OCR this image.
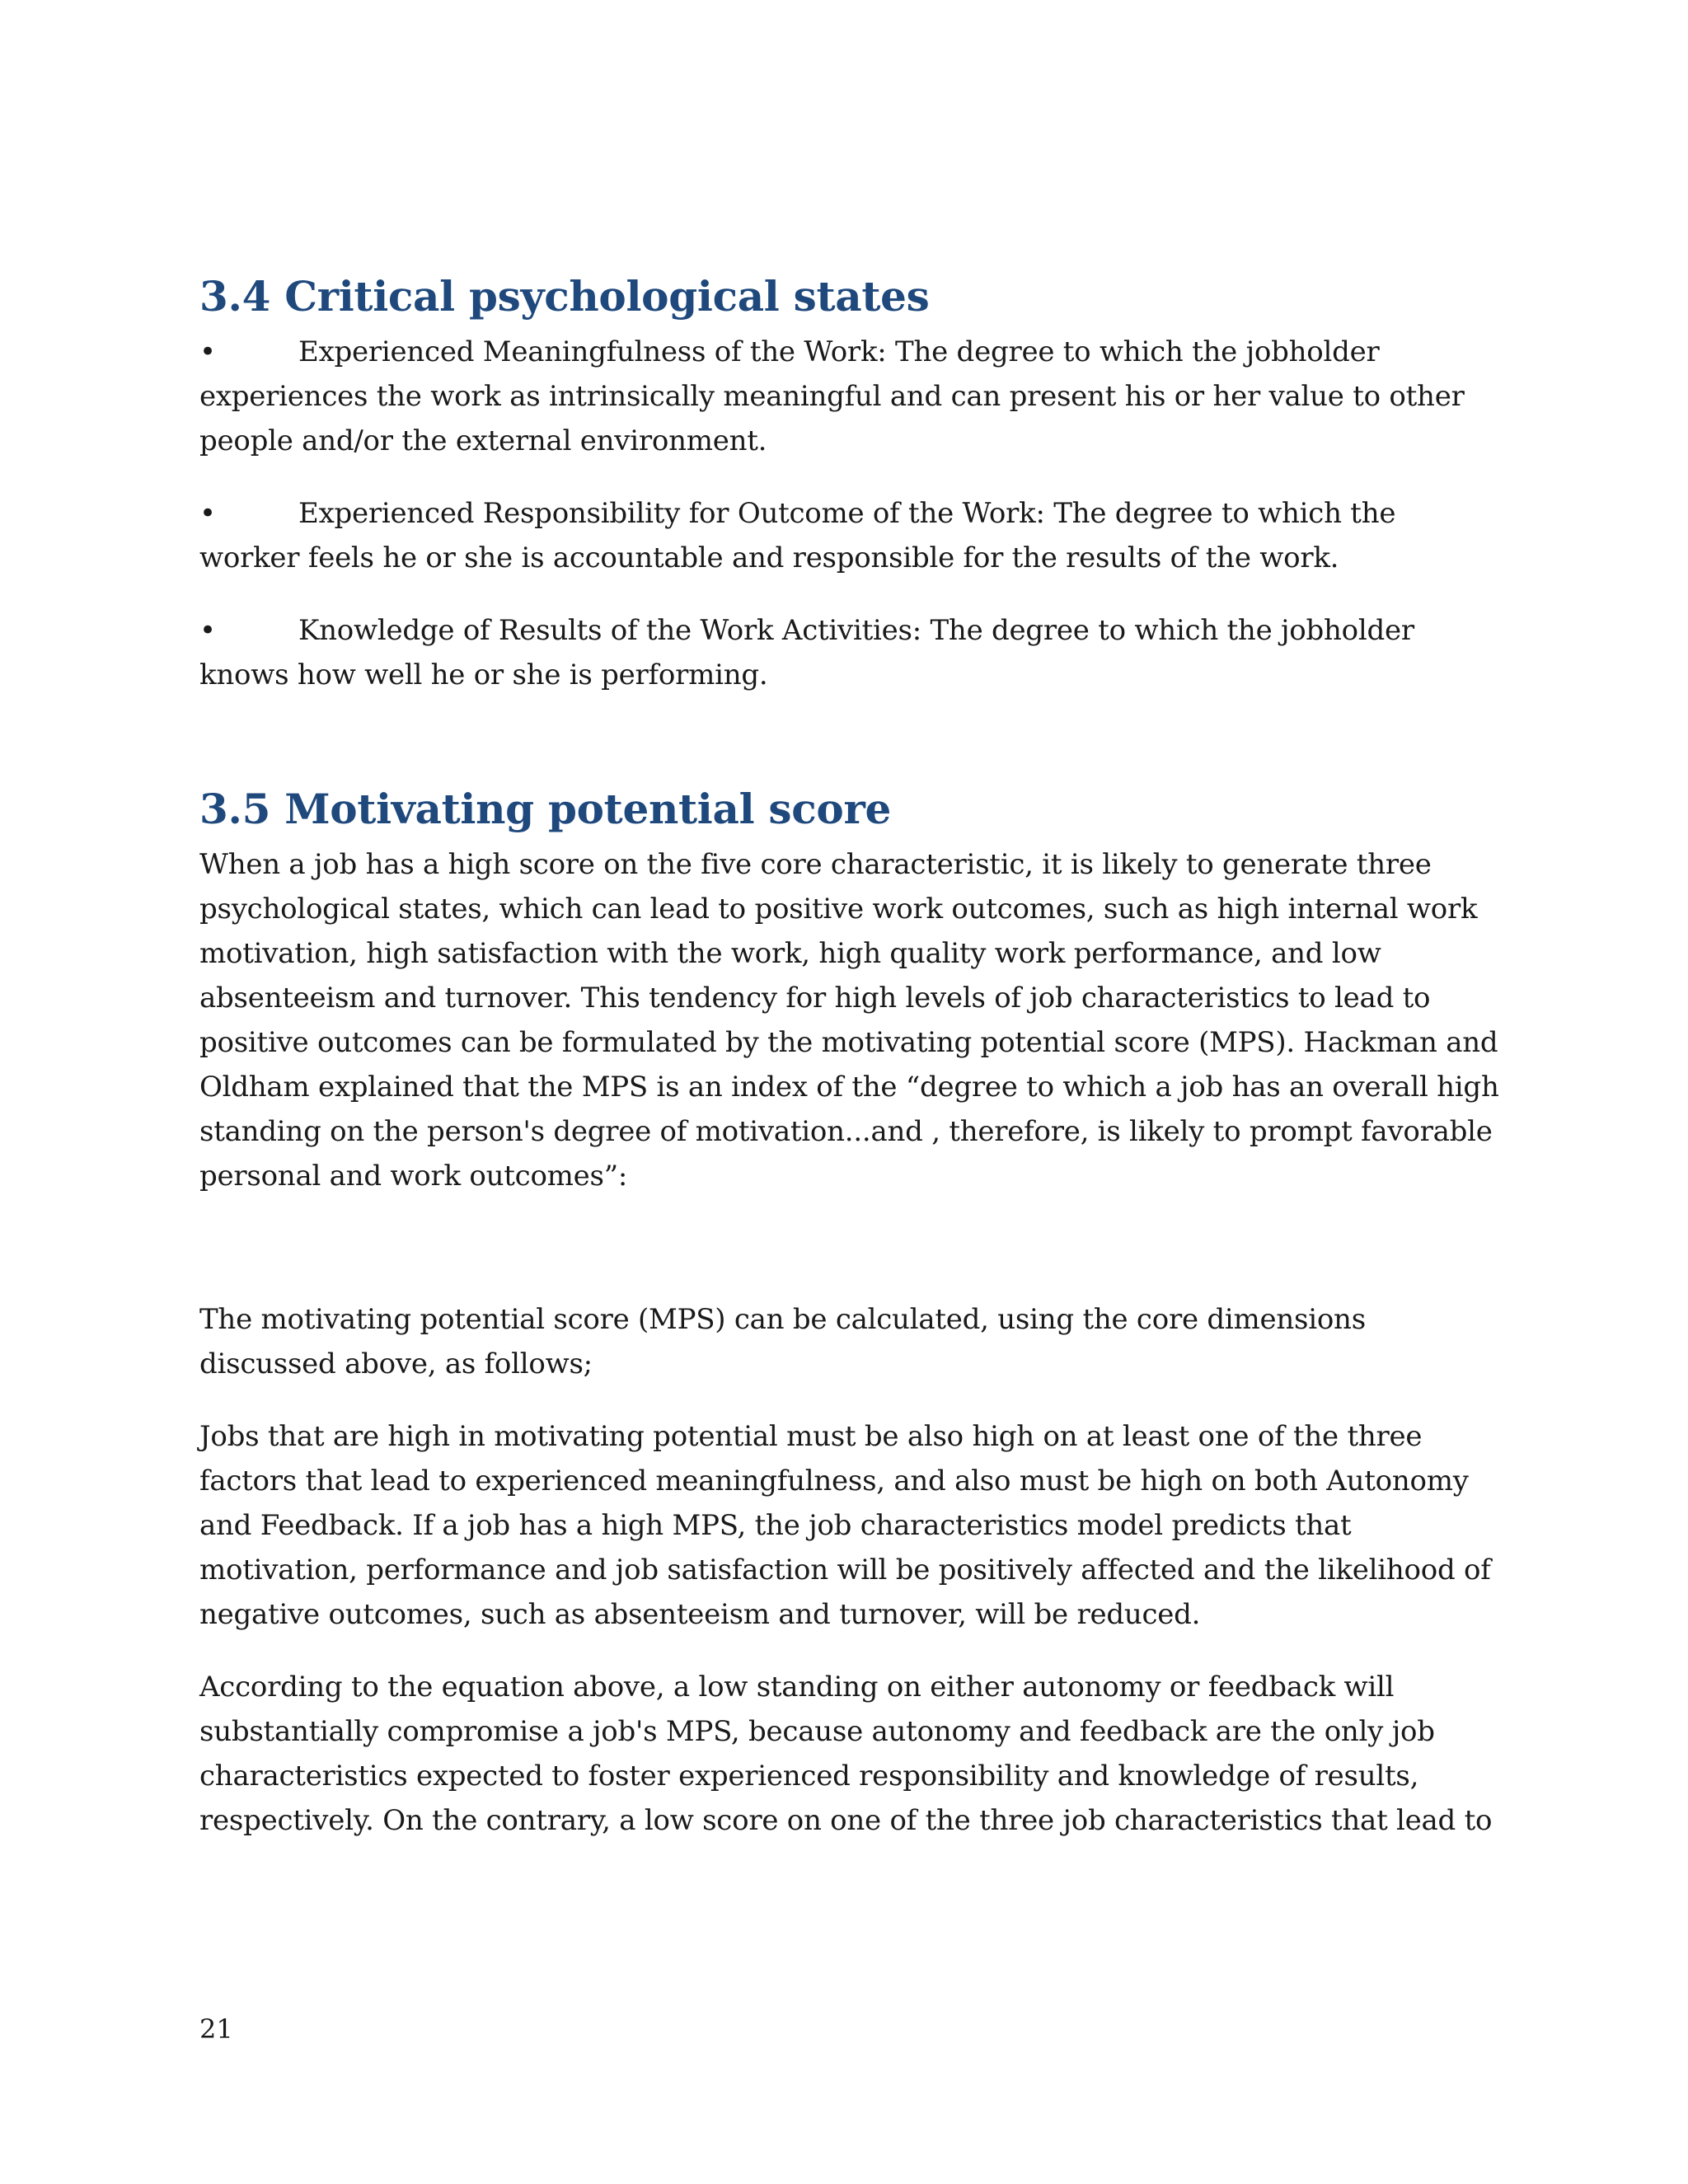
3.4 Critical psychological states

•	Experienced Meaningfulness of the Work: The degree to which the jobholder experiences the work as intrinsically meaningful and can present his or her value to other people and/or the external environment.

•	Experienced Responsibility for Outcome of the Work: The degree to which the worker feels he or she is accountable and responsible for the results of the work.

•	Knowledge of Results of the Work Activities: The degree to which the jobholder knows how well he or she is performing.

3.5 Motivating potential score

When a job has a high score on the five core characteristic, it is likely to generate three psychological states, which can lead to positive work outcomes, such as high internal work motivation, high satisfaction with the work, high quality work performance, and low absenteeism and turnover. This tendency for high levels of job characteristics to lead to positive outcomes can be formulated by the motivating potential score (MPS). Hackman and Oldham explained that the MPS is an index of the “degree to which a job has an overall high standing on the person's degree of motivation...and , therefore, is likely to prompt favorable personal and work outcomes”:

The motivating potential score (MPS) can be calculated, using the core dimensions discussed above, as follows;

Jobs that are high in motivating potential must be also high on at least one of the three factors that lead to experienced meaningfulness, and also must be high on both Autonomy and Feedback. If a job has a high MPS, the job characteristics model predicts that motivation, performance and job satisfaction will be positively affected and the likelihood of negative outcomes, such as absenteeism and turnover, will be reduced.

According to the equation above, a low standing on either autonomy or feedback will substantially compromise a job's MPS, because autonomy and feedback are the only job characteristics expected to foster experienced responsibility and knowledge of results, respectively. On the contrary, a low score on one of the three job characteristics that lead to

21
